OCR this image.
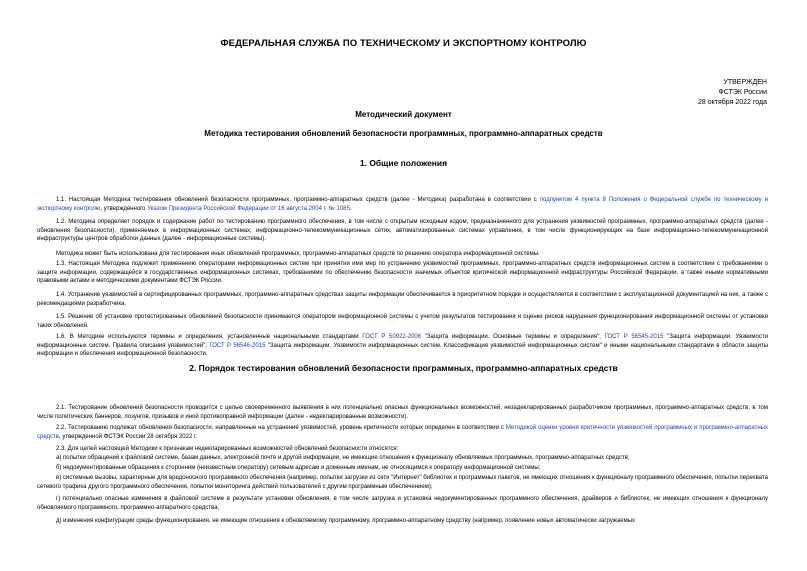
ФЕДЕРАЛЬНАЯ СЛУЖБА ПО ТЕХНИЧЕСКОМУ И ЭКСПОРТНОМУ КОНТРОЛЮ
УТВЕРЖДЕН
ФСТЭК России
28 октября 2022 года
Методический документ
Методика тестирования обновлений безопасности программных, программно-аппаратных средств
1. Общие положения
1.1. Настоящая Методика тестирования обновлений безопасности программных, программно-аппаратных средств (далее - Методика) разработана в соответствии с подпунктом 4 пункта 8 Положения о Федеральной службе по техническому и экспортному контролю, утвержденного Указом Президента Российской Федерации от 16 августа 2004 г. № 1085.
1.2. Методика определяет порядок и содержание работ по тестированию программного обеспечения, в том числе с открытым исходным кодом, предназначенного для устранения уязвимостей программных, программно-аппаратных средств (далее - обновления безопасности), применяемых в информационных системах, информационно-телекоммуникационных сетях, автоматизированных системах управления, в том числе функционирующих на базе информационно-телекоммуникационной инфраструктуры центров обработки данных (далее - информационные системы).
Методика может быть использована для тестирования иных обновлений программных, программно-аппаратных средств по решению оператора информационной системы.
1.3. Настоящая Методика подлежит применению операторами информационных систем при принятии ими мер по устранению уязвимостей программных, программно-аппаратных средств информационных систем в соответствии с требованиями о защите информации, содержащейся в государственных информационных системах, требованиями по обеспечению безопасности значимых объектов критической информационной инфраструктуры Российской Федерации, а также иными нормативными правовыми актами и методическими документами ФСТЭК России.
1.4. Устранение уязвимостей в сертифицированных программных, программно-аппаратных средствах защиты информации обеспечивается в приоритетном порядке и осуществляется в соответствии с эксплуатационной документацией на них, а также с рекомендациями разработчика.
1.5. Решение об установке протестированных обновлений безопасности принимается оператором информационной системы с учетом результатов тестирования и оценки рисков нарушения функционирования информационной системы от установки таких обновлений.
1.6. В Методике используются термины и определения, установленные национальными стандартами ГОСТ Р 50922-2006 "Защита информации. Основные термины и определения", ГОСТ Р 56545-2015 "Защита информации. Уязвимости информационных систем. Правила описания уязвимостей", ГОСТ Р 56546-2015 "Защита информации. Уязвимости информационных систем. Классификация уязвимостей информационных систем" и иными национальными стандартами в области защиты информации и обеспечения информационной безопасности.
2. Порядок тестирования обновлений безопасности программных, программно-аппаратных средств
2.1. Тестирование обновлений безопасности проводится с целью своевременного выявления в них потенциально опасных функциональных возможностей, незадекларированных разработчиком программных, программно-аппаратных средств, в том числе политических баннеров, лозунгов, призывов и иной противоправной информации (далее - недекларированные возможности).
2.2. Тестированию подлежат обновления безопасности, направленные на устранение уязвимостей, уровень критичности которых определен в соответствии с Методикой оценки уровня критичности уязвимостей программных и программно-аппаратных средств, утвержденной ФСТЭК России 28 октября 2022 г.
2.3. Для целей настоящей Методики к признакам недекларированных возможностей обновлений безопасности относятся:
а) попытки обращений к файловой системе, базам данных, электронной почте и другой информации, не имеющие отношения к функционалу обновляемых программных, программно-аппаратных средств;
б) недокументированные обращения к сторонним (неизвестным оператору) сетевым адресам и доменным именам, не относящимся к оператору информационной системы;
в) системные вызовы, характерные для вредоносного программного обеспечения (например, попытки загрузки из сети "Интернет" библиотек и программных пакетов, не имеющих отношения к функционалу программного обеспечения, попытки перехвата сетевого трафика другого программного обеспечения, попытки мониторинга действий пользователей с другим программным обеспечением);
г) потенциально опасные изменения в файловой системе в результате установки обновления, в том числе загрузка и установка недокументированных программного обеспечения, драйверов и библиотек, не имеющих отношения к функционалу обновляемого программного, программно-аппаратного средства;
д) изменения конфигурации среды функционирования, не имеющие отношения к обновляемому программному, программно-аппаратному средству (например, появление новых автоматически загружаемых
